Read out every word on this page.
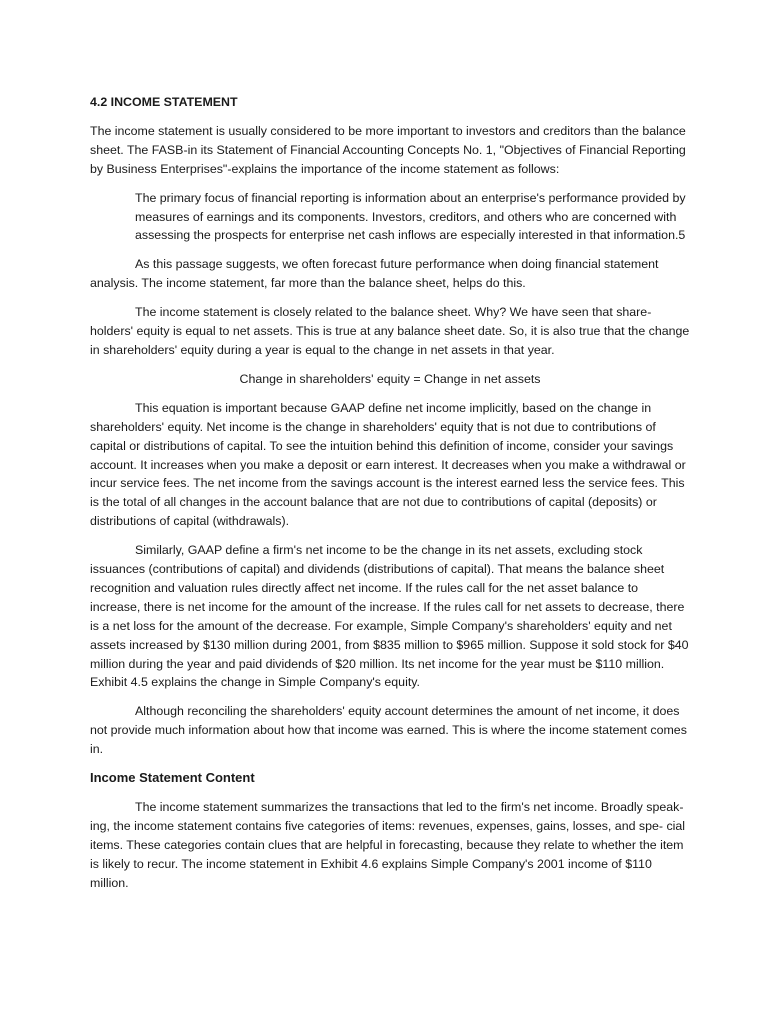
4.2 INCOME STATEMENT

The income statement is usually considered to be more important to investors and creditors than the balance sheet. The FASB-in its Statement of Financial Accounting Concepts No. 1, "Objectives of Financial Reporting by Business Enterprises"-explains the importance of the income statement as follows:

The primary focus of financial reporting is information about an enterprise's performance provided by measures of earnings and its components. Investors, creditors, and others who are concerned with assessing the prospects for enterprise net cash inflows are especially interested in that information.5

As this passage suggests, we often forecast future performance when doing financial statement analysis. The income statement, far more than the balance sheet, helps do this.

The income statement is closely related to the balance sheet. Why? We have seen that share-holders' equity is equal to net assets. This is true at any balance sheet date. So, it is also true that the change in shareholders' equity during a year is equal to the change in net assets in that year.

Change in shareholders' equity = Change in net assets

This equation is important because GAAP define net income implicitly, based on the change in shareholders' equity. Net income is the change in shareholders' equity that is not due to contributions of capital or distributions of capital. To see the intuition behind this definition of income, consider your savings account. It increases when you make a deposit or earn interest. It decreases when you make a withdrawal or incur service fees. The net income from the savings account is the interest earned less the service fees. This is the total of all changes in the account balance that are not due to contributions of capital (deposits) or distributions of capital (withdrawals).

Similarly, GAAP define a firm's net income to be the change in its net assets, excluding stock issuances (contributions of capital) and dividends (distributions of capital). That means the balance sheet recognition and valuation rules directly affect net income. If the rules call for the net asset balance to increase, there is net income for the amount of the increase. If the rules call for net assets to decrease, there is a net loss for the amount of the decrease. For example, Simple Company's shareholders' equity and net assets increased by $130 million during 2001, from $835 million to $965 million. Suppose it sold stock for $40 million during the year and paid dividends of $20 million. Its net income for the year must be $110 million. Exhibit 4.5 explains the change in Simple Company's equity.

Although reconciling the shareholders' equity account determines the amount of net income, it does not provide much information about how that income was earned. This is where the income statement comes in.

Income Statement Content

The income statement summarizes the transactions that led to the firm's net income. Broadly speak- ing, the income statement contains five categories of items: revenues, expenses, gains, losses, and spe- cial items. These categories contain clues that are helpful in forecasting, because they relate to whether the item is likely to recur. The income statement in Exhibit 4.6 explains Simple Company's 2001 income of $110 million.
